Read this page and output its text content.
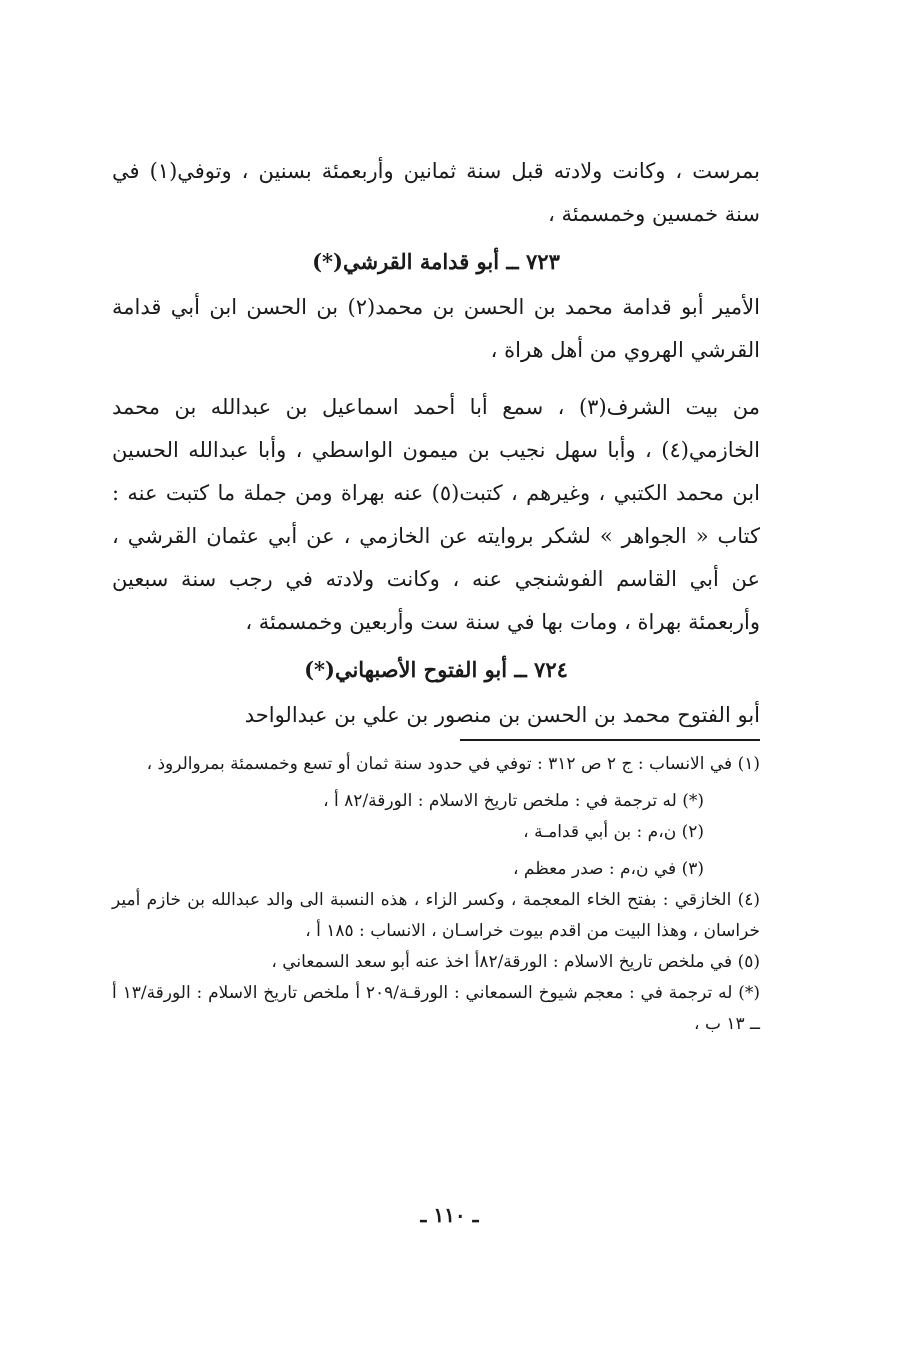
بمرست ، وكانت ولادته قبل سنة ثمانين وأربعمئة بسنين ، وتوفي(١) في سنة خمسين وخمسمئة ،

٧٢٣ ــ أبو قدامة القرشي(*)

الأمير أبو قدامة محمد بن الحسن بن محمد(٢) بن الحسن ابن أبي قدامة القرشي الهروي من أهل هراة ،

من بيت الشرف(٣) ، سمع أبا أحمد اسماعيل بن عبدالله بن محمد الخازمي(٤) ، وأبا سهل نجيب بن ميمون الواسطي ، وأبا عبدالله الحسين ابن محمد الكتبي ، وغيرهم ، كتبت(٥) عنه بهراة ومن جملة ما كتبت عنه : كتاب « الجواهر » لشكر بروايته عن الخازمي ، عن أبي عثمان القرشي ، عن أبي القاسم الفوشنجي عنه ، وكانت ولادته في رجب سنة سبعين وأربعمئة بهراة ، ومات بها في سنة ست وأربعين وخمسمئة ،

٧٢٤ ــ أبو الفتوح الأصبهاني(*)

أبو الفتوح محمد بن الحسن بن منصور بن علي بن عبدالواحد

(١) في الانساب : ج ٢ ص ٣١٢ : توفي في حدود سنة ثمان أو تسع وخمسمئة بمروالروذ ،

(*) له ترجمة في : ملخص تاريخ الاسلام : الورقة/٨٢ أ ،

(٢) ن،م : بن أبي قدامـة ،

(٣) في ن،م : صدر معظم ،

(٤) الخازقي : بفتح الخاء المعجمة ، وكسر الزاء ، هذه النسبة الى والد عبدالله بن خازم أمير خراسان ، وهذا البيت من اقدم بيوت خراسـان ، الانساب : ١٨٥ أ ،

(٥) في ملخص تاريخ الاسلام : الورقة/٨٢أ اخذ عنه أبو سعد السمعاني ،

(*) له ترجمة في : معجم شيوخ السمعاني : الورقـة/٢٠٩ أ ملخص تاريخ الاسلام : الورقة/١٣ أ ــ ١٣ ب ،

ـ ١١٠ ـ
